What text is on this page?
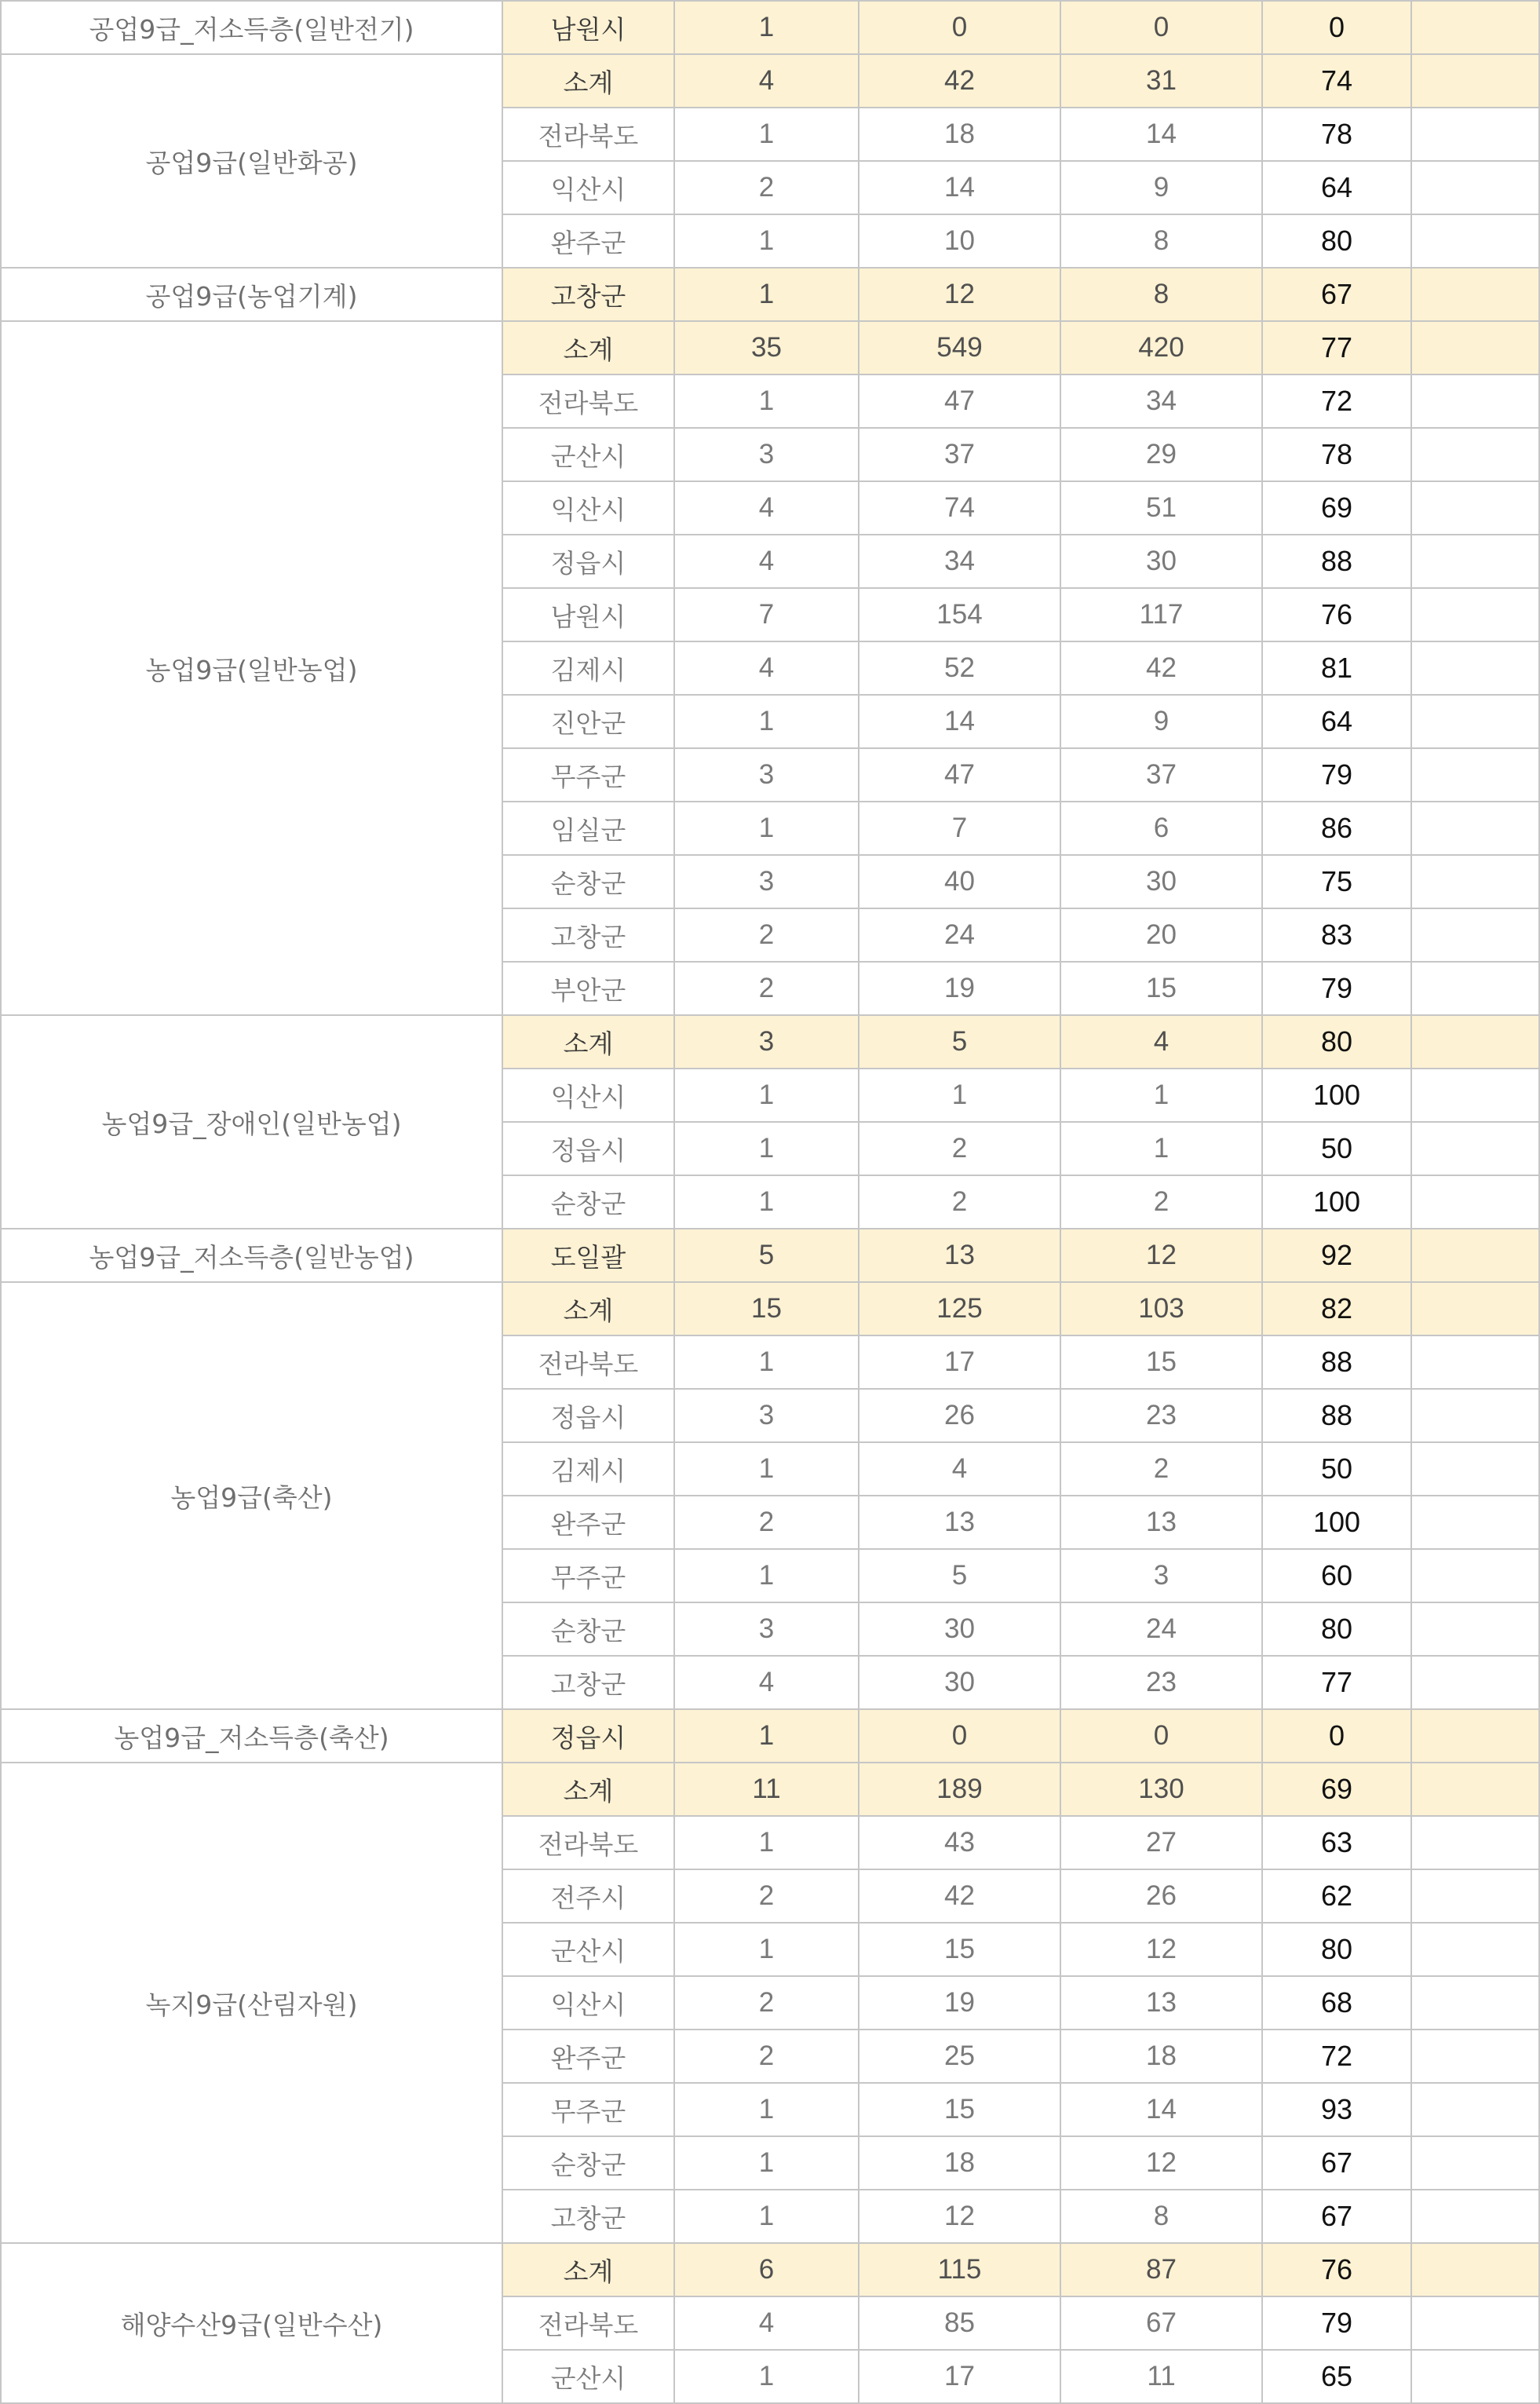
공업9급_저소득층(일반전기)	남원시	1	0	0	0	
공업9급(일반화공)	소계	4	42	31	74	
	전라북도	1	18	14	78	
	익산시	2	14	9	64	
	완주군	1	10	8	80	
공업9급(농업기계)	고창군	1	12	8	67	
농업9급(일반농업)	소계	35	549	420	77	
	전라북도	1	47	34	72	
	군산시	3	37	29	78	
	익산시	4	74	51	69	
	정읍시	4	34	30	88	
	남원시	7	154	117	76	
	김제시	4	52	42	81	
	진안군	1	14	9	64	
	무주군	3	47	37	79	
	임실군	1	7	6	86	
	순창군	3	40	30	75	
	고창군	2	24	20	83	
	부안군	2	19	15	79	
농업9급_장애인(일반농업)	소계	3	5	4	80	
	익산시	1	1	1	100	
	정읍시	1	2	1	50	
	순창군	1	2	2	100	
농업9급_저소득층(일반농업)	도일괄	5	13	12	92	
농업9급(축산)	소계	15	125	103	82	
	전라북도	1	17	15	88	
	정읍시	3	26	23	88	
	김제시	1	4	2	50	
	완주군	2	13	13	100	
	무주군	1	5	3	60	
	순창군	3	30	24	80	
	고창군	4	30	23	77	
농업9급_저소득층(축산)	정읍시	1	0	0	0	
녹지9급(산림자원)	소계	11	189	130	69	
	전라북도	1	43	27	63	
	전주시	2	42	26	62	
	군산시	1	15	12	80	
	익산시	2	19	13	68	
	완주군	2	25	18	72	
	무주군	1	15	14	93	
	순창군	1	18	12	67	
	고창군	1	12	8	67	
해양수산9급(일반수산)	소계	6	115	87	76	
	전라북도	4	85	67	79	
	군산시	1	17	11	65	
